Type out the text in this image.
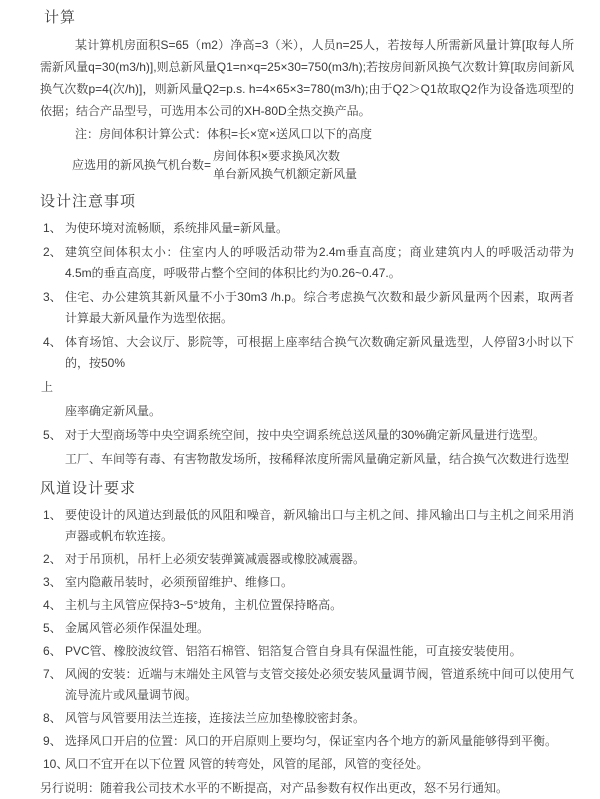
计算

某计算机房面积S=65（m2）净高=3（米），人员n=25人，若按每人所需新风量计算[取每人所需新风量q=30(m3/h)],则总新风量Q1=n×q=25×30=750(m3/h);若按房间新风换气次数计算[取房间新风换气次数p=4(次/h)]，则新风量Q2=p.s. h=4×65×3=780(m3/h);由于Q2＞Q1故取Q2作为设备选项型的依据；结合产品型号，可选用本公司的XH-80D全热交换产品。

注：房间体积计算公式：体积=长×宽×送风口以下的高度

应选用的新风换气机台数=
房间体积×要求换风次数
单台新风换气机额定新风量
设计注意事项
1、 为使环境对流畅顺，系统排风量=新风量。
2、 建筑空间体积太小：住室内人的呼吸活动带为2.4m垂直高度；商业建筑内人的呼吸活动带为4.5m的垂直高度，呼吸带占整个空间的体积比约为0.26~0.47.。
3、 住宅、办公建筑其新风量不小于30m3 /h.p。综合考虑换气次数和最少新风量两个因素，取两者计算最大新风量作为选型依据。
4、 体育场馆、大会议厅、影院等，可根据上座率结合换气次数确定新风量选型，人停留3小时以下的，按50%
上
座率确定新风量。
5、 对于大型商场等中央空调系统空间，按中央空调系统总送风量的30%确定新风量进行选型。
工厂、车间等有毒、有害物散发场所，按稀释浓度所需风量确定新风量，结合换气次数进行选型
风道设计要求
1、 要使设计的风道达到最低的风阻和噪音，新风输出口与主机之间、排风输出口与主机之间采用消声器或帆布软连接。
2、 对于吊顶机，吊杆上必须安装弹簧减震器或橡胶减震器。
3、 室内隐蔽吊装时，必须预留维护、维修口。
4、 主机与主风管应保持3~5°坡角，主机位置保持略高。
5、 金属风管必须作保温处理。
6、 PVC管、橡胶波纹管、铝箔石棉管、铝箔复合管自身具有保温性能，可直接安装使用。
7、 风阀的安装：近端与末端处主风管与支管交接处必须安装风量调节阀，管道系统中间可以使用气流导流片或风量调节阀。
8、 风管与风管要用法兰连接，连接法兰应加垫橡胶密封条。
9、 选择风口开启的位置：风口的开启原则上要均匀，保证室内各个地方的新风量能够得到平衡。
10、
风口不宜开在以下位置 风管的转弯处，风管的尾部，风管的变径处。
另行说明：随着我公司技术水平的不断提高，对产品参数有权作出更改，怒不另行通知。
